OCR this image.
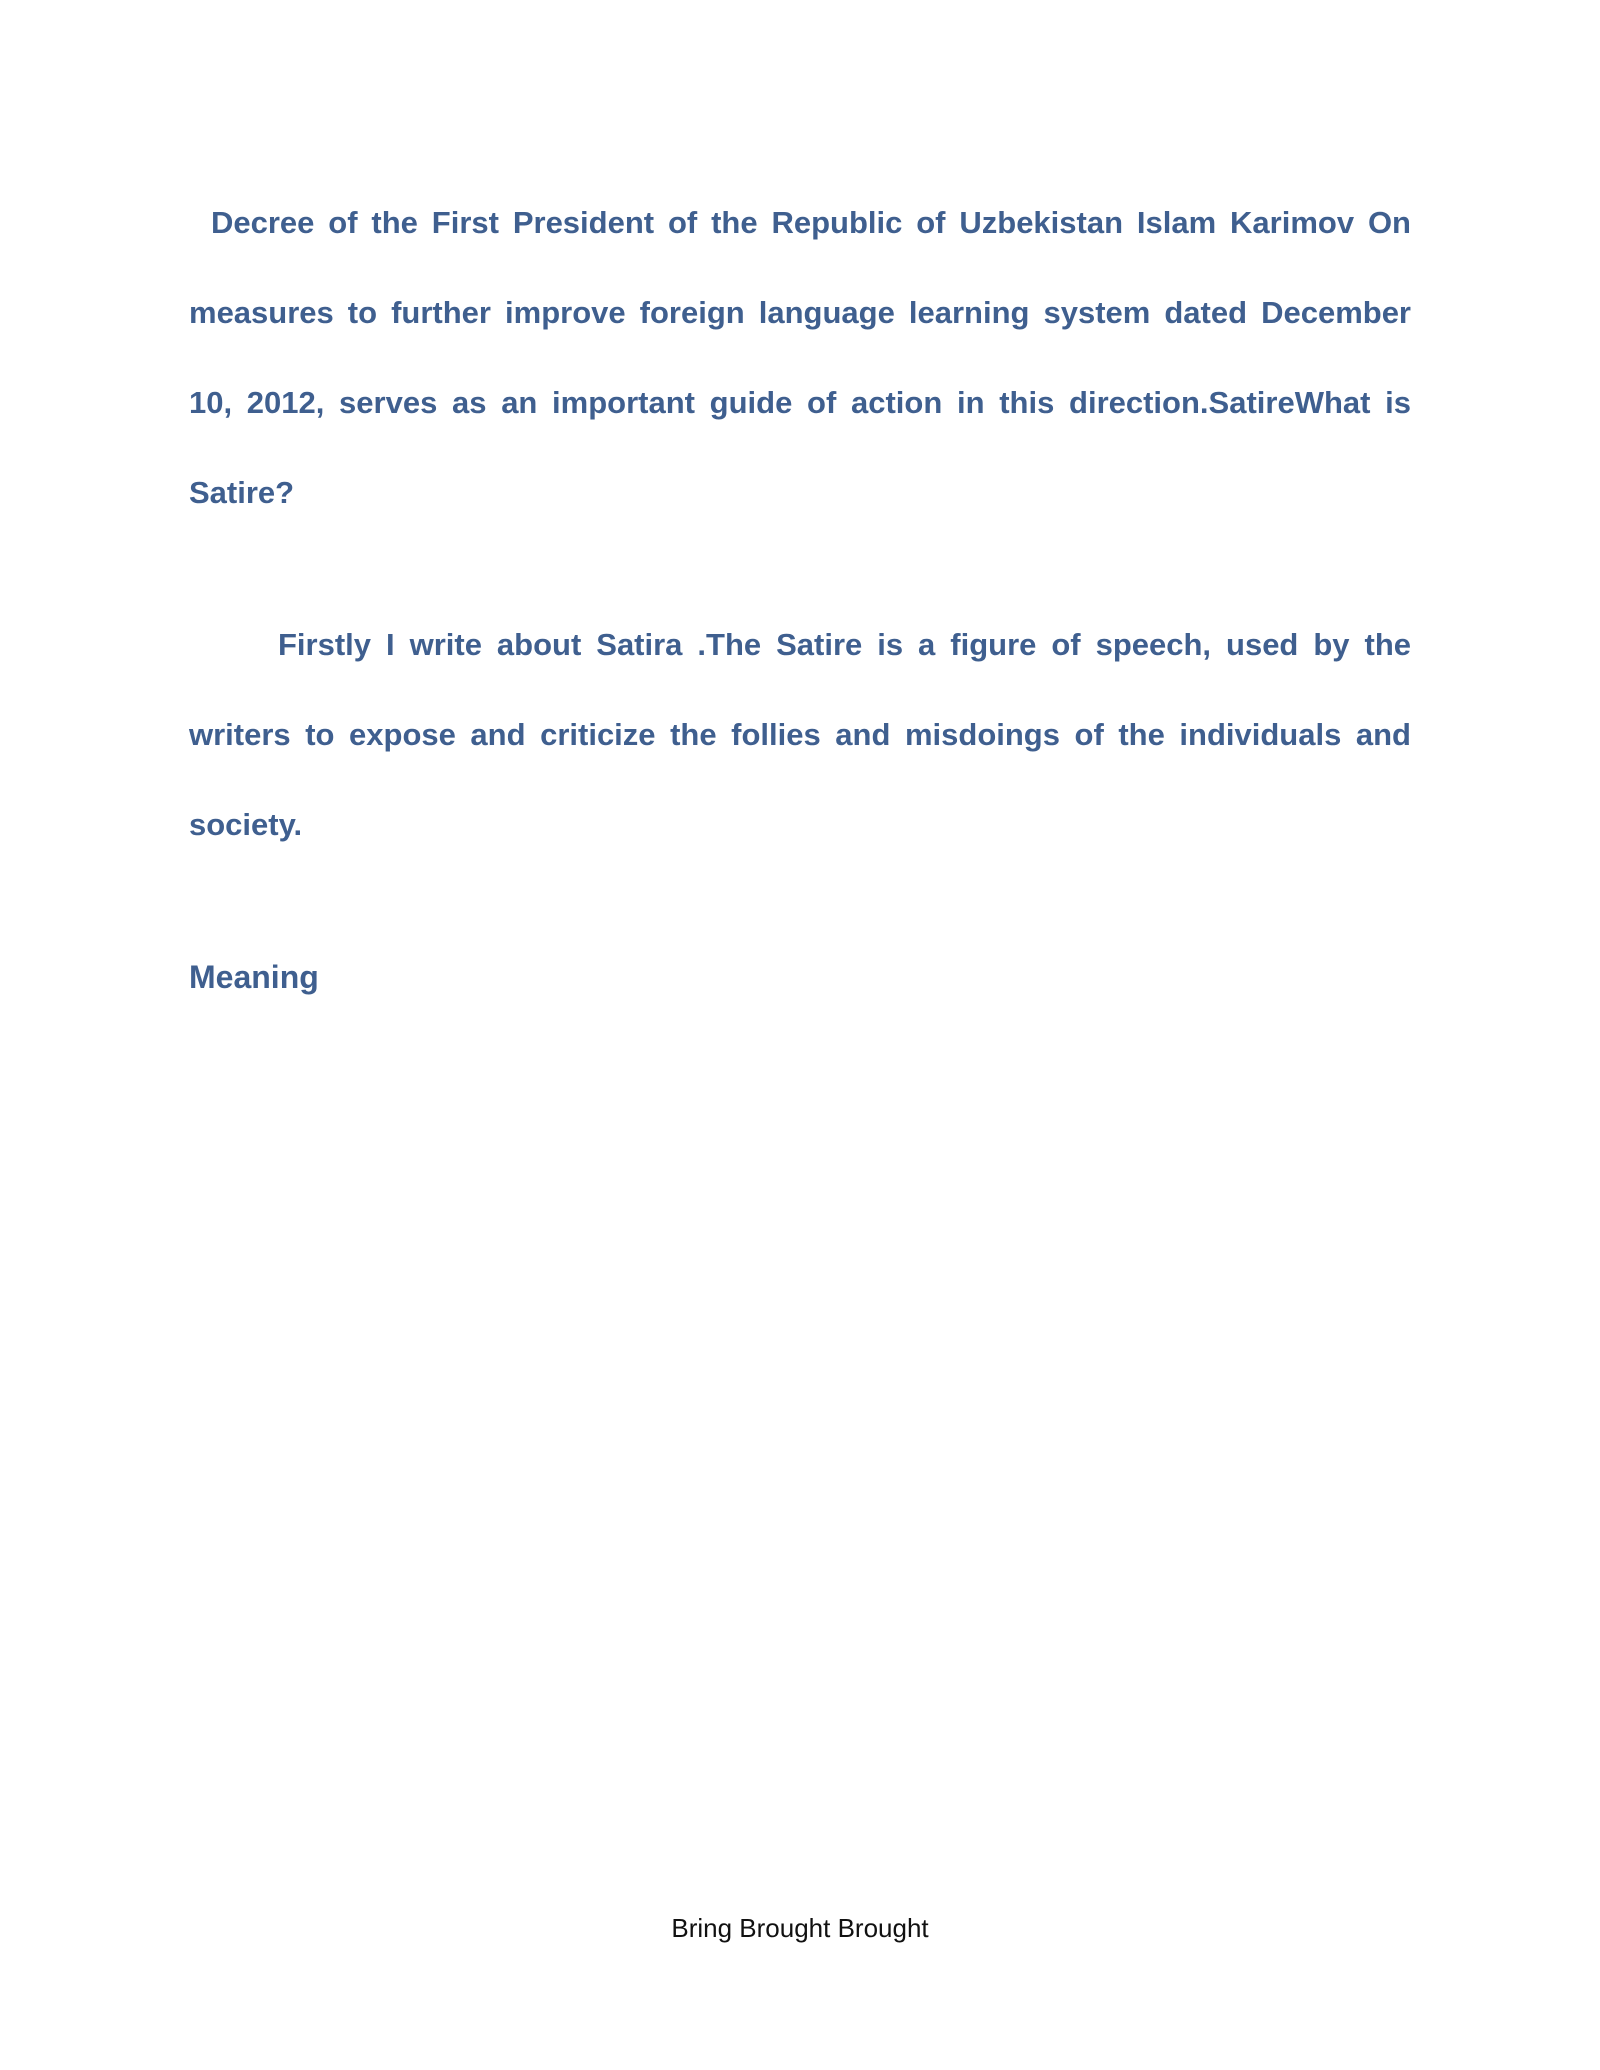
Decree of the First President of the Republic of Uzbekistan Islam Karimov On measures to further improve foreign language learning system dated December 10, 2012, serves as an important guide of action in this direction.SatireWhat is Satire?

Firstly I write about Satira .The Satire is a figure of speech, used by the writers to expose and criticize the follies and misdoings of the individuals and society.

Meaning

Bring Brought Brought
